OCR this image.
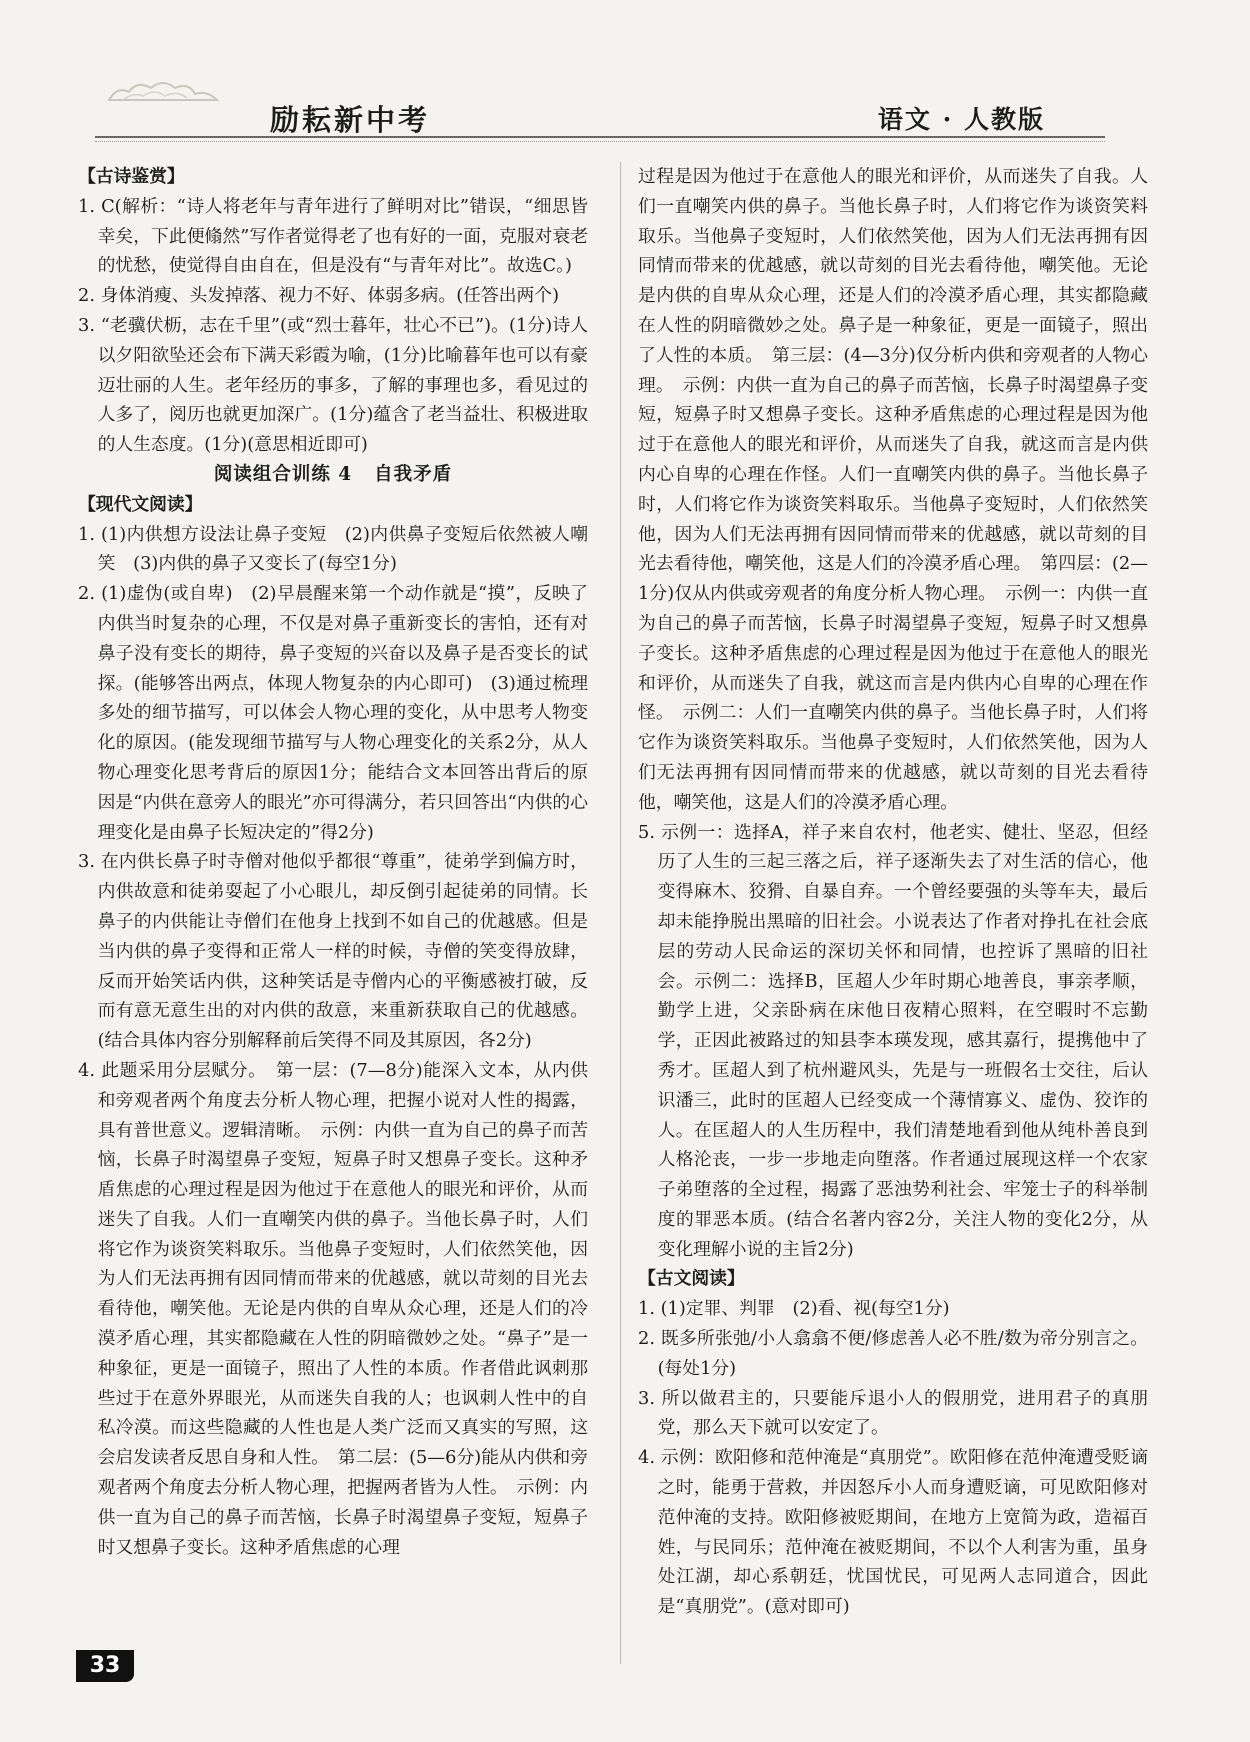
励耘新中考	语文 · 人教版

【古诗鉴赏】

1. C(解析：“诗人将老年与青年进行了鲜明对比”错误，“细思皆幸矣，下此便翛然”写作者觉得老了也有好的一面，克服对衰老的忧愁，使觉得自由自在，但是没有“与青年对比”。故选C。)

2. 身体消瘦、头发掉落、视力不好、体弱多病。(任答出两个)

3. “老骥伏枥，志在千里”(或“烈士暮年，壮心不已”)。(1分)诗人以夕阳欲坠还会布下满天彩霞为喻，(1分)比喻暮年也可以有豪迈壮丽的人生。老年经历的事多，了解的事理也多，看见过的人多了，阅历也就更加深广。(1分)蕴含了老当益壮、积极进取的人生态度。(1分)(意思相近即可)

阅读组合训练 4 自我矛盾

【现代文阅读】

1. (1)内供想方设法让鼻子变短　(2)内供鼻子变短后依然被人嘲笑　(3)内供的鼻子又变长了(每空1分)

2. (1)虚伪(或自卑)　(2)早晨醒来第一个动作就是“摸”，反映了内供当时复杂的心理，不仅是对鼻子重新变长的害怕，还有对鼻子没有变长的期待，鼻子变短的兴奋以及鼻子是否变长的试探。(能够答出两点，体现人物复杂的内心即可)　(3)通过梳理多处的细节描写，可以体会人物心理的变化，从中思考人物变化的原因。(能发现细节描写与人物心理变化的关系2分，从人物心理变化思考背后的原因1分；能结合文本回答出背后的原因是“内供在意旁人的眼光”亦可得满分，若只回答出“内供的心理变化是由鼻子长短决定的”得2分)

3. 在内供长鼻子时寺僧对他似乎都很“尊重”，徒弟学到偏方时，内供故意和徒弟耍起了小心眼儿，却反倒引起徒弟的同情。长鼻子的内供能让寺僧们在他身上找到不如自己的优越感。但是当内供的鼻子变得和正常人一样的时候，寺僧的笑变得放肆，反而开始笑话内供，这种笑话是寺僧内心的平衡感被打破，反而有意无意生出的对内供的敌意，来重新获取自己的优越感。(结合具体内容分别解释前后笑得不同及其原因，各2分)

4. 此题采用分层赋分。　第一层：(7—8分)能深入文本，从内供和旁观者两个角度去分析人物心理，把握小说对人性的揭露，具有普世意义。逻辑清晰。　示例：内供一直为自己的鼻子而苦恼，长鼻子时渴望鼻子变短，短鼻子时又想鼻子变长。这种矛盾焦虑的心理过程是因为他过于在意他人的眼光和评价，从而迷失了自我。人们一直嘲笑内供的鼻子。当他长鼻子时，人们将它作为谈资笑料取乐。当他鼻子变短时，人们依然笑他，因为人们无法再拥有因同情而带来的优越感，就以苛刻的目光去看待他，嘲笑他。无论是内供的自卑从众心理，还是人们的冷漠矛盾心理，其实都隐藏在人性的阴暗微妙之处。“鼻子”是一种象征，更是一面镜子，照出了人性的本质。作者借此讽刺那些过于在意外界眼光，从而迷失自我的人；也讽刺人性中的自私冷漠。而这些隐藏的人性也是人类广泛而又真实的写照，这会启发读者反思自身和人性。　第二层：(5—6分)能从内供和旁观者两个角度去分析人物心理，把握两者皆为人性。　示例：内供一直为自己的鼻子而苦恼，长鼻子时渴望鼻子变短，短鼻子时又想鼻子变长。这种矛盾焦虑的心理

过程是因为他过于在意他人的眼光和评价，从而迷失了自我。人们一直嘲笑内供的鼻子。当他长鼻子时，人们将它作为谈资笑料取乐。当他鼻子变短时，人们依然笑他，因为人们无法再拥有因同情而带来的优越感，就以苛刻的目光去看待他，嘲笑他。无论是内供的自卑从众心理，还是人们的冷漠矛盾心理，其实都隐藏在人性的阴暗微妙之处。鼻子是一种象征，更是一面镜子，照出了人性的本质。　第三层：(4—3分)仅分析内供和旁观者的人物心理。　示例：内供一直为自己的鼻子而苦恼，长鼻子时渴望鼻子变短，短鼻子时又想鼻子变长。这种矛盾焦虑的心理过程是因为他过于在意他人的眼光和评价，从而迷失了自我，就这而言是内供内心自卑的心理在作怪。人们一直嘲笑内供的鼻子。当他长鼻子时，人们将它作为谈资笑料取乐。当他鼻子变短时，人们依然笑他，因为人们无法再拥有因同情而带来的优越感，就以苛刻的目光去看待他，嘲笑他，这是人们的冷漠矛盾心理。　第四层：(2—1分)仅从内供或旁观者的角度分析人物心理。　示例一：内供一直为自己的鼻子而苦恼，长鼻子时渴望鼻子变短，短鼻子时又想鼻子变长。这种矛盾焦虑的心理过程是因为他过于在意他人的眼光和评价，从而迷失了自我，就这而言是内供内心自卑的心理在作怪。　示例二：人们一直嘲笑内供的鼻子。当他长鼻子时，人们将它作为谈资笑料取乐。当他鼻子变短时，人们依然笑他，因为人们无法再拥有因同情而带来的优越感，就以苛刻的目光去看待他，嘲笑他，这是人们的冷漠矛盾心理。

5. 示例一：选择A，祥子来自农村，他老实、健壮、坚忍，但经历了人生的三起三落之后，祥子逐渐失去了对生活的信心，他变得麻木、狡猾、自暴自弃。一个曾经要强的头等车夫，最后却未能挣脱出黑暗的旧社会。小说表达了作者对挣扎在社会底层的劳动人民命运的深切关怀和同情，也控诉了黑暗的旧社会。示例二：选择B，匡超人少年时期心地善良，事亲孝顺，勤学上进，父亲卧病在床他日夜精心照料，在空暇时不忘勤学，正因此被路过的知县李本瑛发现，感其嘉行，提携他中了秀才。匡超人到了杭州避风头，先是与一班假名士交往，后认识潘三，此时的匡超人已经变成一个薄情寡义、虚伪、狡诈的人。在匡超人的人生历程中，我们清楚地看到他从纯朴善良到人格沦丧，一步一步地走向堕落。作者通过展现这样一个农家子弟堕落的全过程，揭露了恶浊势利社会、牢笼士子的科举制度的罪恶本质。(结合名著内容2分，关注人物的变化2分，从变化理解小说的主旨2分)

【古文阅读】

1. (1)定罪、判罪　(2)看、视(每空1分)

2. 既多所张弛/小人翕翕不便/修虑善人必不胜/数为帝分别言之。(每处1分)

3. 所以做君主的，只要能斥退小人的假朋党，进用君子的真朋党，那么天下就可以安定了。

4. 示例：欧阳修和范仲淹是“真朋党”。欧阳修在范仲淹遭受贬谪之时，能勇于营救，并因怒斥小人而身遭贬谪，可见欧阳修对范仲淹的支持。欧阳修被贬期间，在地方上宽简为政，造福百姓，与民同乐；范仲淹在被贬期间，不以个人利害为重，虽身处江湖，却心系朝廷，忧国忧民，可见两人志同道合，因此是“真朋党”。(意对即可)

33
